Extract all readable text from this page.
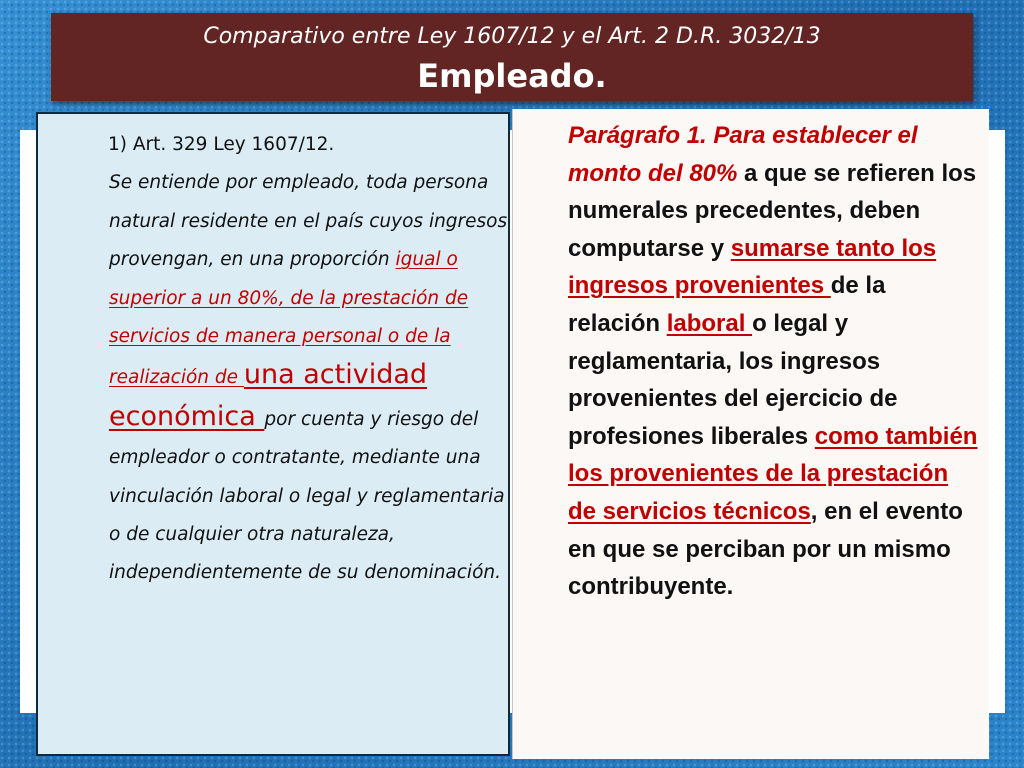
Comparativo entre Ley 1607/12 y el Art. 2 D.R. 3032/13
Empleado.
Parágrafo 1. Para establecer el monto del 80% a que se refieren los numerales precedentes, deben computarse y sumarse tanto los ingresos provenientes de la relación laboral o legal y reglamentaria, los ingresos provenientes del ejercicio de profesiones liberales como también los provenientes de la prestación de servicios técnicos, en el evento en que se perciban por un mismo contribuyente.
1) Art. 329 Ley 1607/12.
Se entiende por empleado, toda persona natural residente en el país cuyos ingresos provengan, en una proporción igual o superior a un 80%, de la prestación de servicios de manera personal o de la realización de una actividad económica por cuenta y riesgo del empleador o contratante, mediante una vinculación laboral o legal y reglamentaria o de cualquier otra naturaleza, independientemente de su denominación.
